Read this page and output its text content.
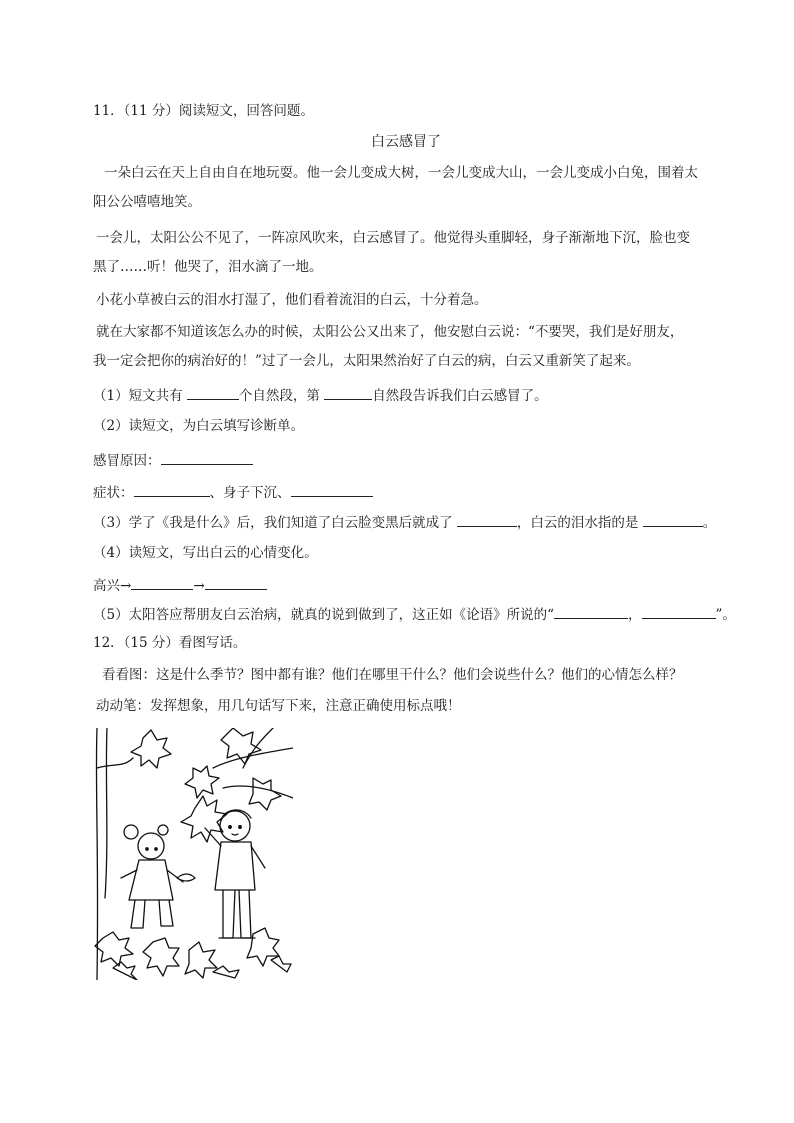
11．（11 分）阅读短文，回答问题。
白云感冒了
一朵白云在天上自由自在地玩耍。他一会儿变成大树，一会儿变成大山，一会儿变成小白兔，围着太
阳公公嘻嘻地笑。
一会儿，太阳公公不见了，一阵凉风吹来，白云感冒了。他觉得头重脚轻，身子渐渐地下沉，脸也变
黑了……听！他哭了，泪水滴了一地。
小花小草被白云的泪水打湿了，他们看着流泪的白云，十分着急。
就在大家都不知道该怎么办的时候，太阳公公又出来了，他安慰白云说：“不要哭，我们是好朋友，
我一定会把你的病治好的！”过了一会儿，太阳果然治好了白云的病，白云又重新笑了起来。
（1）短文共有	个自然段，第	自然段告诉我们白云感冒了。
（2）读短文，为白云填写诊断单。
感冒原因：
症状：	、身子下沉、
（3）学了《我是什么》后，我们知道了白云脸变黑后就成了	，白云的泪水指的是	。
（4）读短文，写出白云的心情变化。
高兴→	→
（5）太阳答应帮朋友白云治病，就真的说到做到了，这正如《论语》所说的“	，	”。
12．（15 分）看图写话。
看看图：这是什么季节？图中都有谁？他们在哪里干什么？他们会说些什么？他们的心情怎么样？
动动笔：发挥想象，用几句话写下来，注意正确使用标点哦！
